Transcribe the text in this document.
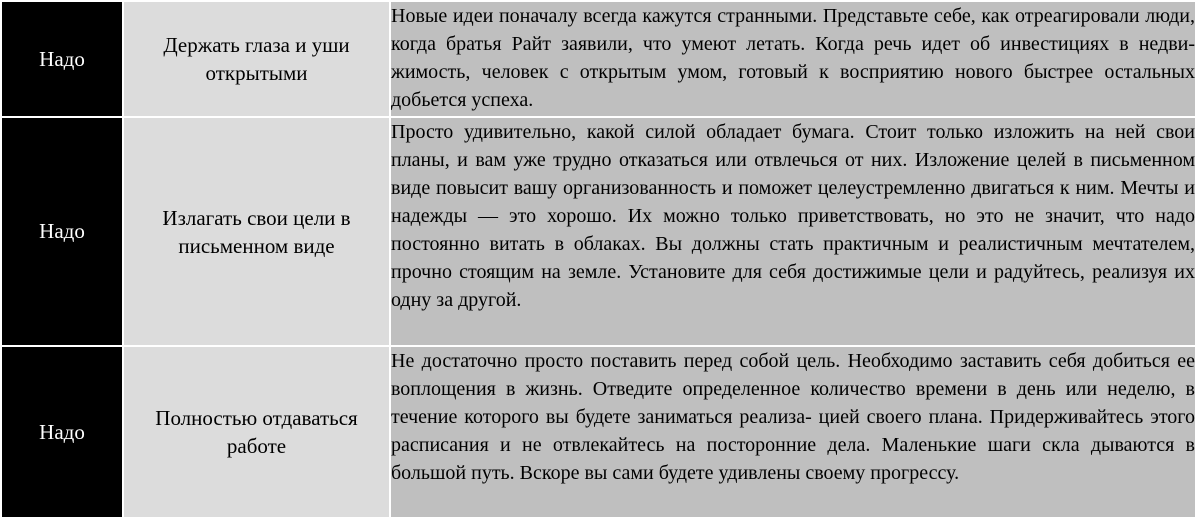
Надо	Держать глаза и уши открытыми	Новые идеи поначалу всегда кажутся странными. Представьте себе, как отреагировали люди, когда братья Райт заявили, что умеют летать. Когда речь идет об инвестициях в недви- жимость, человек с открытым умом, готовый к восприятию нового быстрее остальных добьется успеха.
Надо	Излагать свои цели в письменном виде	Просто удивительно, какой силой обладает бумага. Стоит только изложить на ней свои планы, и вам уже трудно отказаться или отвлечься от них. Изложение целей в письменном виде повысит вашу организованность и поможет целеустремленно двигаться к ним. Мечты и надежды — это хорошо. Их можно только приветствовать, но это не значит, что надо постоянно витать в облаках. Вы должны стать практичным и реалистичным мечтателем, прочно стоящим на земле. Установите для себя достижимые цели и радуйтесь, реализуя их одну за другой.
Надо	Полностью отдаваться работе	Не достаточно просто поставить перед собой цель. Необходимо заставить себя добиться ее воплощения в жизнь. Отведите определенное количество времени в день или неделю, в течение которого вы будете заниматься реализа- цией своего плана. Придерживайтесь этого расписания и не отвлекайтесь на посторонние дела. Маленькие шаги скла дываются в большой путь. Вскоре вы сами будете удивлены своему прогрессу.
